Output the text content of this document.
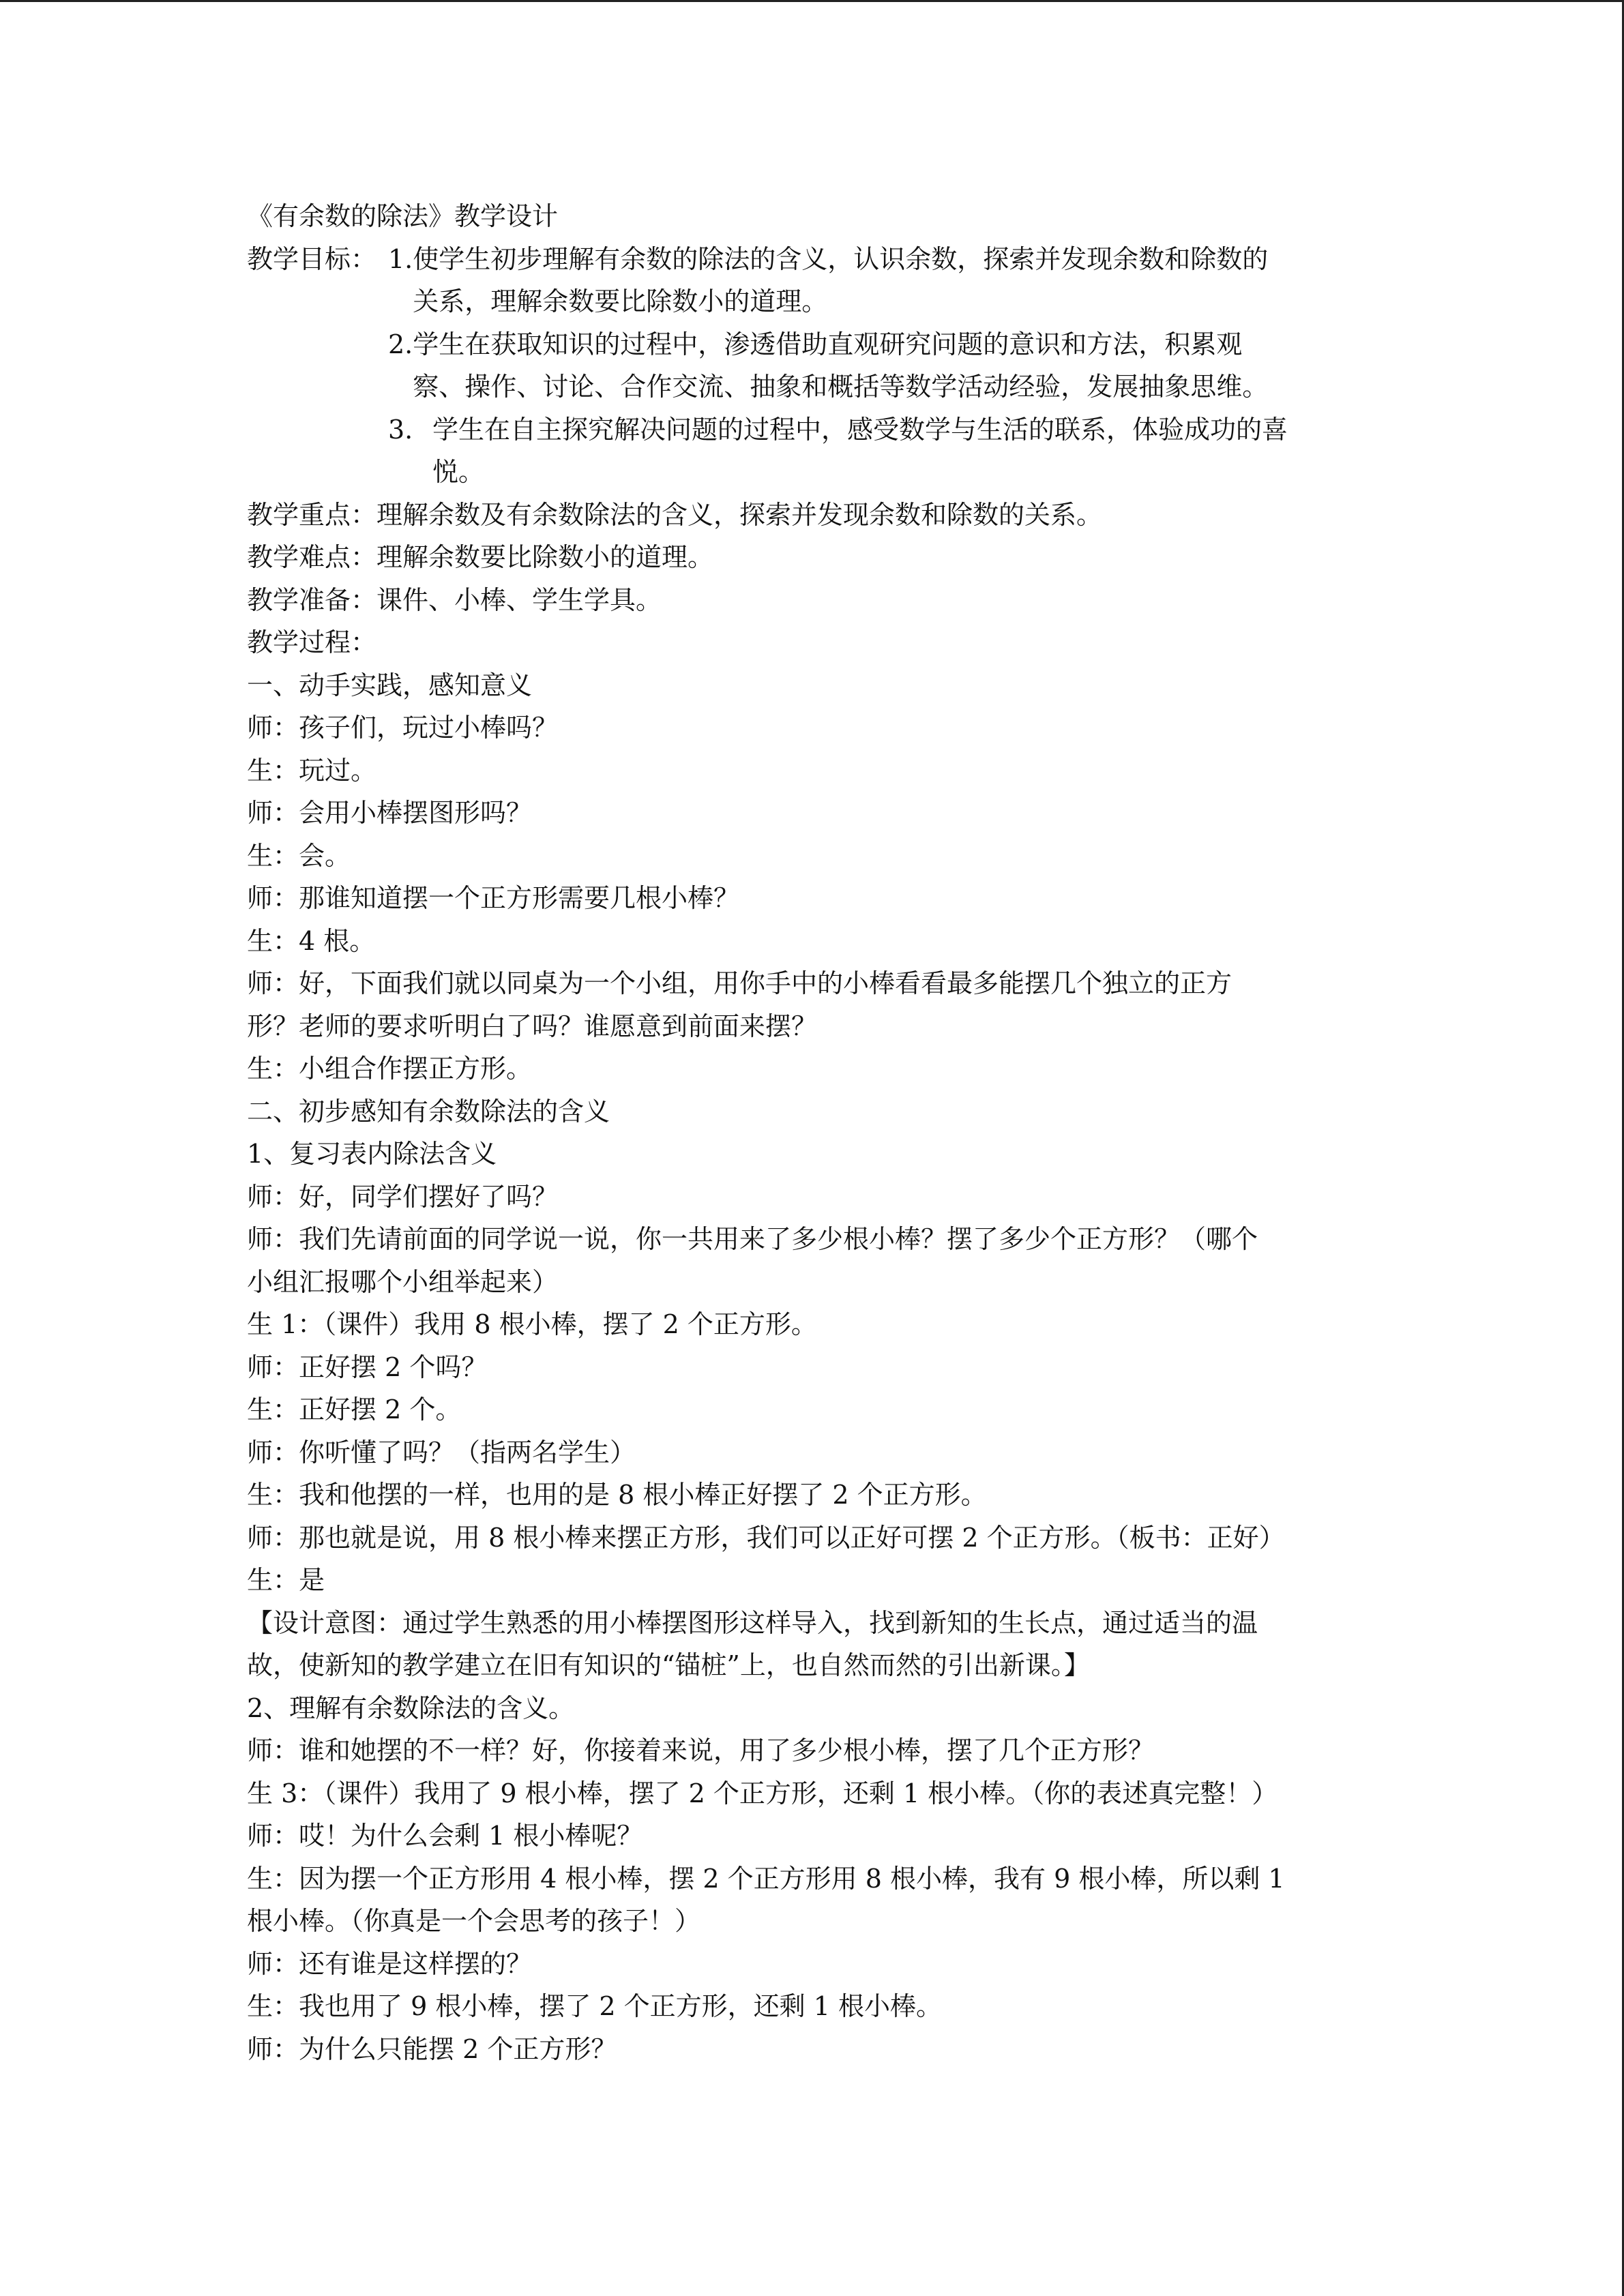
《有余数的除法》教学设计
教学目标： 1. 使学生初步理解有余数的除法的含义，认识余数，探索并发现余数和除数的
关系，理解余数要比除数小的道理。
2. 学生在获取知识的过程中，渗透借助直观研究问题的意识和方法，积累观
察、操作、讨论、合作交流、抽象和概括等数学活动经验，发展抽象思维。
3. 学生在自主探究解决问题的过程中，感受数学与生活的联系，体验成功的喜
悦。
教学重点：理解余数及有余数除法的含义，探索并发现余数和除数的关系。
教学难点：理解余数要比除数小的道理。
教学准备：课件、小棒、学生学具。
教学过程：
一、动手实践，感知意义
师：孩子们，玩过小棒吗？
生：玩过。
师：会用小棒摆图形吗？
生：会。
师：那谁知道摆一个正方形需要几根小棒？
生：4 根。
师：好，下面我们就以同桌为一个小组，用你手中的小棒看看最多能摆几个独立的正方
形？老师的要求听明白了吗？谁愿意到前面来摆？
生：小组合作摆正方形。
二、初步感知有余数除法的含义
1、复习表内除法含义
师：好，同学们摆好了吗？
师：我们先请前面的同学说一说，你一共用来了多少根小棒？摆了多少个正方形？（哪个
小组汇报哪个小组举起来）
生 1：（课件）我用 8 根小棒，摆了 2 个正方形。
师：正好摆 2 个吗？
生：正好摆 2 个。
师：你听懂了吗？（指两名学生）
生：我和他摆的一样，也用的是 8 根小棒正好摆了 2 个正方形。
师：那也就是说，用 8 根小棒来摆正方形，我们可以正好可摆 2 个正方形。（板书：正好）
生：是
【设计意图：通过学生熟悉的用小棒摆图形这样导入，找到新知的生长点，通过适当的温
故，使新知的教学建立在旧有知识的“锚桩”上，也自然而然的引出新课。】
2、理解有余数除法的含义。
师：谁和她摆的不一样？好，你接着来说，用了多少根小棒，摆了几个正方形？
生 3：（课件）我用了 9 根小棒，摆了 2 个正方形，还剩 1 根小棒。（你的表述真完整！）
师：哎！为什么会剩 1 根小棒呢？
生：因为摆一个正方形用 4 根小棒，摆 2 个正方形用 8 根小棒，我有 9 根小棒，所以剩 1
根小棒。（你真是一个会思考的孩子！）
师：还有谁是这样摆的？
生：我也用了 9 根小棒，摆了 2 个正方形，还剩 1 根小棒。
师：为什么只能摆 2 个正方形？
